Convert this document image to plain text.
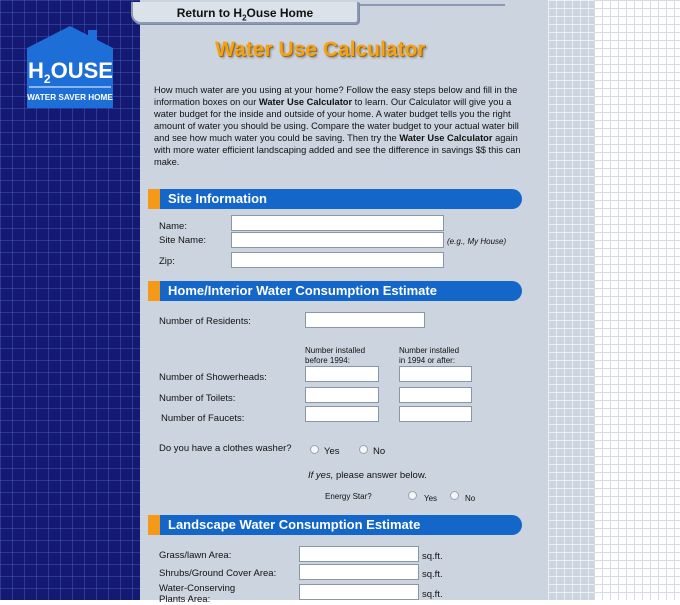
$H_2OUSE$
WATER SAVER HOME
Return to $H_2Ouse$ Home
Water Use Calculator
How much water are you using at your home? Follow the easy steps below and fill in the information boxes on our Water Use Calculator to learn. Our Calculator will give you a water budget for the inside and outside of your home. A water budget tells you the right amount of water you should be using. Compare the water budget to your actual water bill and see how much water you could be saving. Then try the Water Use Calculator again with more water efficient landscaping added and see the difference in savings $$ this can make.
Site Information
Name:
Site Name:	(e.g., My House)
Zip:
Home/Interior Water Consumption Estimate
Number of Residents:
Number installed
before 1994:
Number installed
in 1994 or after:
Number of Showerheads:
Number of Toilets:
Number of Faucets:
Do you have a clothes washer?	Yes	No
If yes, please answer below.
Energy Star?	Yes	No
Landscape Water Consumption Estimate
Grass/lawn Area:	sq.ft.
Shrubs/Ground Cover Area:	sq.ft.
Water-Conserving
Plants Area:	sq.ft.
